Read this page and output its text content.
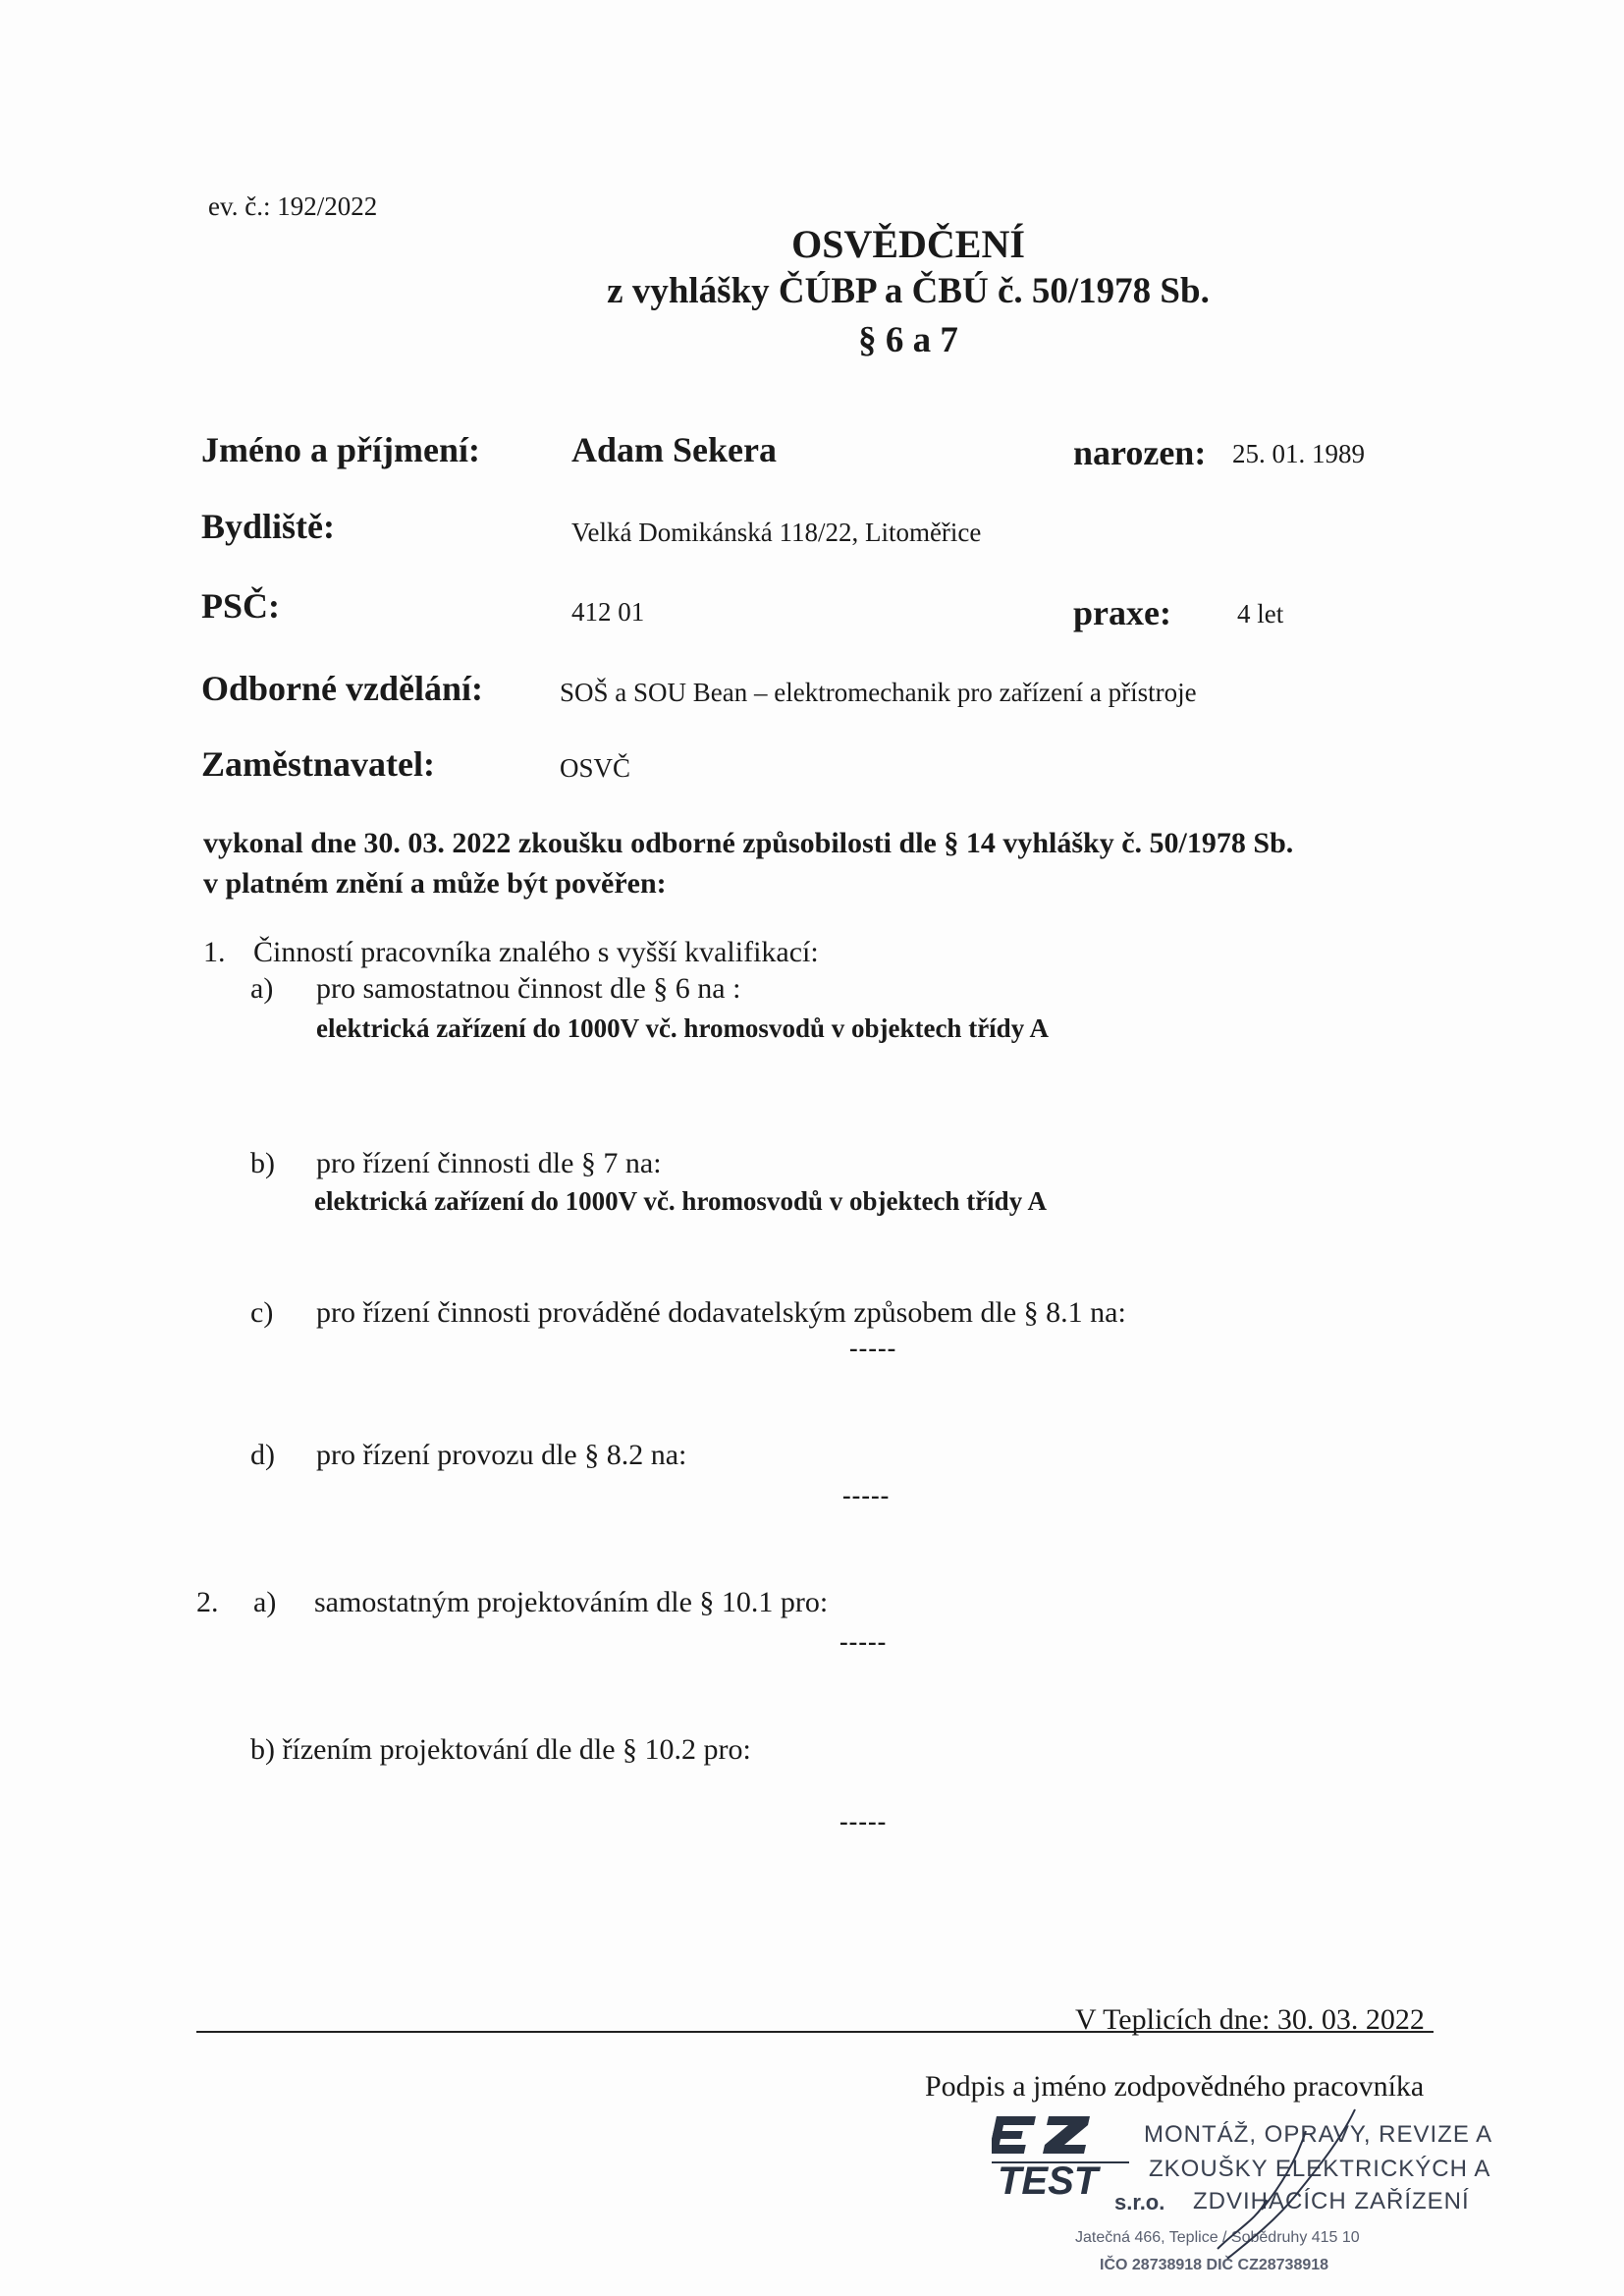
ev. č.: 192/2022
OSVĚDČENÍ
z vyhlášky ČÚBP a ČBÚ č. 50/1978 Sb.
§ 6 a 7
Jméno a příjmení:	Adam Sekera	narozen: 25. 01. 1989
Bydliště:	Velká Domikánská 118/22, Litoměřice
PSČ:	412 01	praxe: 4 let
Odborné vzdělání:	SOŠ a SOU Bean – elektromechanik pro zařízení a přístroje
Zaměstnavatel:	OSVČ
vykonal dne 30. 03. 2022 zkoušku odborné způsobilosti dle § 14 vyhlášky č. 50/1978 Sb.
v platném znění a může být pověřen:
1. Činností pracovníka znalého s vyšší kvalifikací:
a) pro samostatnou činnost dle § 6 na :
elektrická zařízení do 1000V vč. hromosvodů v objektech třídy A
b) pro řízení činnosti dle § 7 na:
elektrická zařízení do 1000V vč. hromosvodů v objektech třídy A
c) pro řízení činnosti prováděné dodavatelským způsobem dle § 8.1 na:
-----
d) pro řízení provozu dle § 8.2 na:
-----
2. a) samostatným projektováním dle § 10.1 pro:
-----
b) řízením projektování dle dle § 10.2 pro:
-----
V Teplicích dne: 30. 03. 2022
Podpis a jméno zodpovědného pracovníka
TEST
MONTÁŽ, OPRAVY, REVIZE A
ZKOUŠKY ELEKTRICKÝCH A
s.r.o. ZDVIHACÍCH ZAŘÍZENÍ
Jatečná 466, Teplice / Sobědruhy 415 10
IČO 28738918 DIČ CZ28738918
